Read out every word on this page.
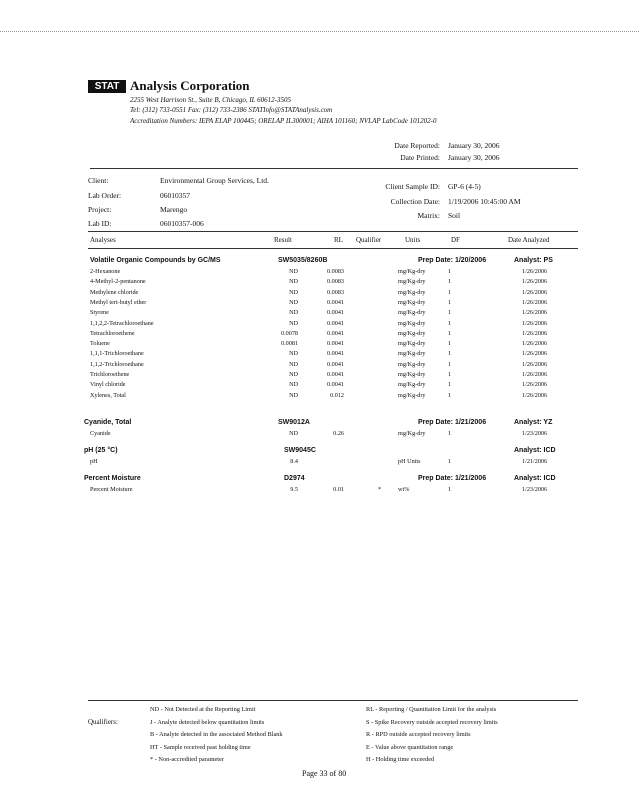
STAT Analysis Corporation
2255 West Harrison St., Suite B, Chicago, IL 60612-3505
Tel: (312) 733-0551 Fax: (312) 733-2386 STATInfo@STATAnalysis.com
Accreditation Numbers: IEPA ELAP 100445; ORELAP IL300001; AIHA 101160; NVLAP LabCode 101202-0
Date Reported: January 30, 2006
Date Printed: January 30, 2006
Client:	Environmental Group Services, Ltd.
Lab Order:	06010357
Project:	Marengo
Lab ID:	06010357-006
Client Sample ID: GP-6 (4-5)
Collection Date: 1/19/2006 10:45:00 AM
Matrix: Soil
Analyses	Result	RL Qualifier	Units	DF	Date Analyzed
Volatile Organic Compounds by GC/MS	SW5035/8260B	Prep Date: 1/20/2006	Analyst: PS
2-Hexanone	ND	0.0083	mg/Kg-dry	1	1/26/2006
4-Methyl-2-pentanone	ND	0.0083	mg/Kg-dry	1	1/26/2006
Methylene chloride	ND	0.0083	mg/Kg-dry	1	1/26/2006
Methyl tert-butyl ether	ND	0.0041	mg/Kg-dry	1	1/26/2006
Styrene	ND	0.0041	mg/Kg-dry	1	1/26/2006
1,1,2,2-Tetrachloroethane	ND	0.0041	mg/Kg-dry	1	1/26/2006
Tetrachloroethene	0.0078	0.0041	mg/Kg-dry	1	1/26/2006
Toluene	0.0081	0.0041	mg/Kg-dry	1	1/26/2006
1,1,1-Trichloroethane	ND	0.0041	mg/Kg-dry	1	1/26/2006
1,1,2-Trichloroethane	ND	0.0041	mg/Kg-dry	1	1/26/2006
Trichloroethene	ND	0.0041	mg/Kg-dry	1	1/26/2006
Vinyl chloride	ND	0.0041	mg/Kg-dry	1	1/26/2006
Xylenes, Total	ND	0.012	mg/Kg-dry	1	1/26/2006
Cyanide, Total	SW9012A	Prep Date: 1/21/2006	Analyst: YZ
Cyanide	ND	0.26	mg/Kg-dry	1	1/23/2006
pH (25 °C)	SW9045C	Analyst: ICD
pH	8.4	pH Units	1	1/21/2006
Percent Moisture	D2974	Prep Date: 1/21/2006	Analyst: ICD
Percent Moisture	9.5	0.01	*	wt%	1	1/23/2006
Qualifiers:
ND - Not Detected at the Reporting Limit
J - Analyte detected below quantitation limits
B - Analyte detected in the associated Method Blank
HT - Sample received past holding time
* - Non-accredited parameter
RL - Reporting / Quantitation Limit for the analysis
S - Spike Recovery outside accepted recovery limits
R - RPD outside accepted recovery limits
E - Value above quantitation range
H - Holding time exceeded
Page 33 of 80
